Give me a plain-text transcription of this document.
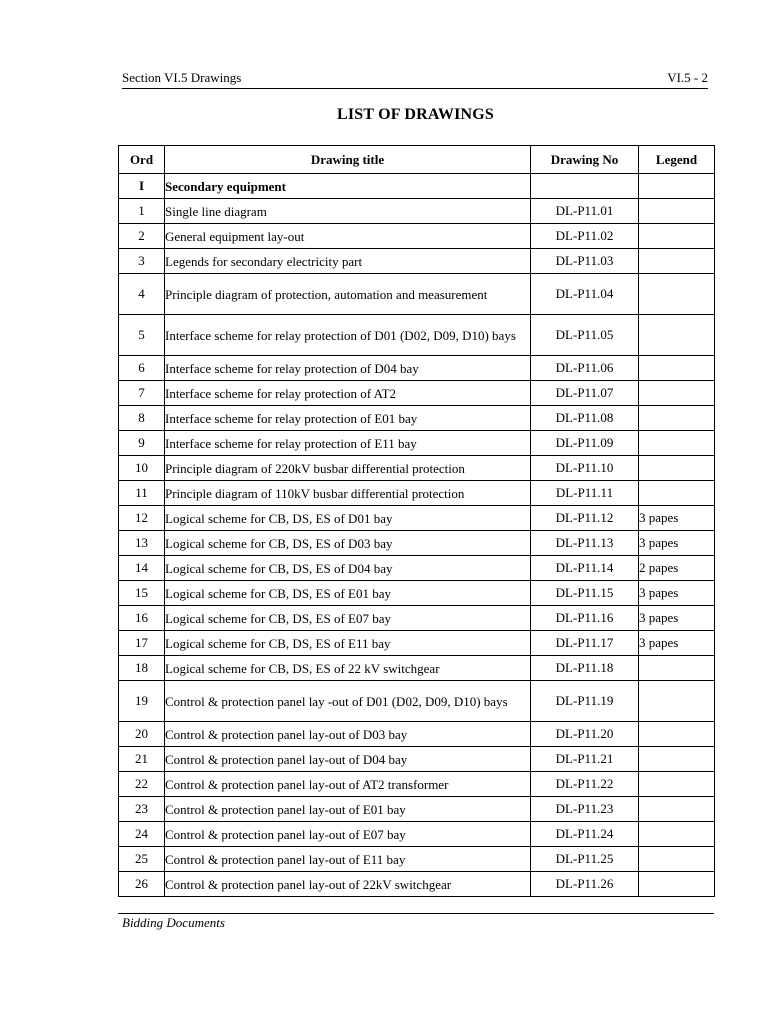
Section VI.5 Drawings	VI.5 - 2
LIST OF DRAWINGS
Ord	Drawing title	Drawing No	Legend
I	Secondary equipment		
1	Single line diagram	DL-P11.01	
2	General equipment lay-out	DL-P11.02	
3	Legends for secondary electricity part	DL-P11.03	
4	Principle diagram of protection, automation and measurement	DL-P11.04	
5	Interface scheme for relay protection of D01 (D02, D09, D10) bays	DL-P11.05	
6	Interface scheme for relay protection of D04 bay	DL-P11.06	
7	Interface scheme for relay protection of AT2	DL-P11.07	
8	Interface scheme for relay protection of E01 bay	DL-P11.08	
9	Interface scheme for relay protection of E11 bay	DL-P11.09	
10	Principle diagram of 220kV busbar differential protection	DL-P11.10	
11	Principle diagram of 110kV busbar differential protection	DL-P11.11	
12	Logical scheme for CB, DS, ES of D01 bay	DL-P11.12	3 papes
13	Logical scheme for CB, DS, ES of D03 bay	DL-P11.13	3 papes
14	Logical scheme for CB, DS, ES of D04 bay	DL-P11.14	2 papes
15	Logical scheme for CB, DS, ES of E01 bay	DL-P11.15	3 papes
16	Logical scheme for CB, DS, ES of E07 bay	DL-P11.16	3 papes
17	Logical scheme for CB, DS, ES of E11 bay	DL-P11.17	3 papes
18	Logical scheme for CB, DS, ES of 22 kV switchgear	DL-P11.18	
19	Control & protection panel lay -out of D01 (D02, D09, D10) bays	DL-P11.19	
20	Control & protection panel lay-out of D03 bay	DL-P11.20	
21	Control & protection panel lay-out of D04 bay	DL-P11.21	
22	Control & protection panel lay-out of AT2 transformer	DL-P11.22	
23	Control & protection panel lay-out of E01 bay	DL-P11.23	
24	Control & protection panel lay-out of E07 bay	DL-P11.24	
25	Control & protection panel lay-out of E11 bay	DL-P11.25	
26	Control & protection panel lay-out of 22kV switchgear	DL-P11.26	
Bidding Documents
